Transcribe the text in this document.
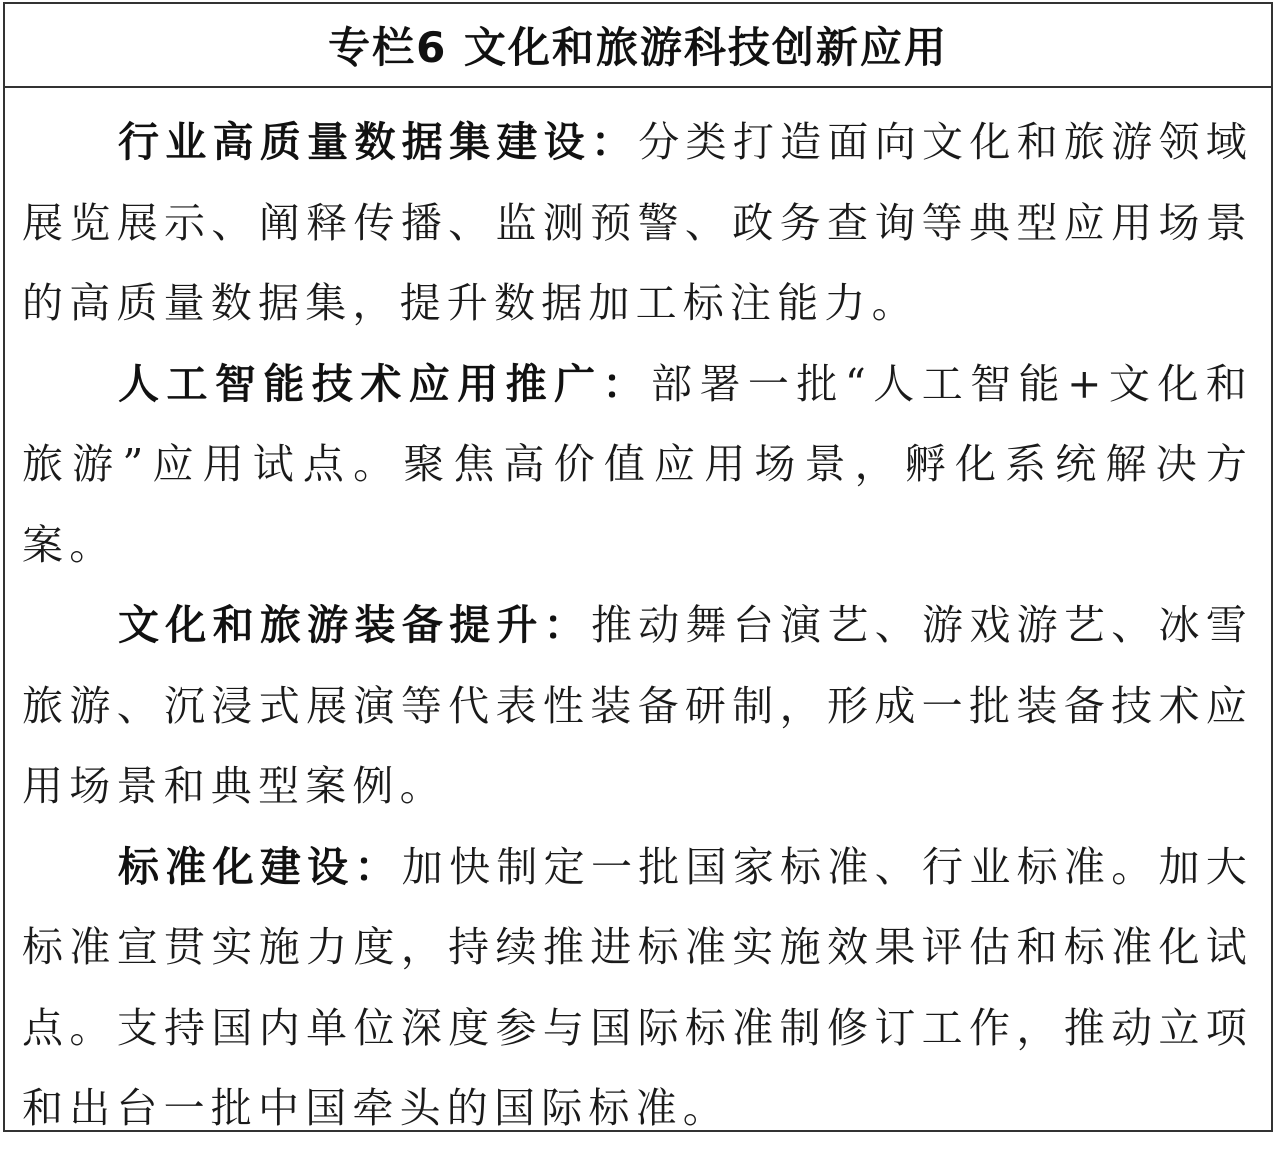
专栏6 文化和旅游科技创新应用

行业高质量数据集建设：分类打造面向文化和旅游领域展览展示、阐释传播、监测预警、政务查询等典型应用场景的高质量数据集，提升数据加工标注能力。

人工智能技术应用推广：部署一批“人工智能+文化和旅游”应用试点。聚焦高价值应用场景，孵化系统解决方案。

文化和旅游装备提升：推动舞台演艺、游戏游艺、冰雪旅游、沉浸式展演等代表性装备研制，形成一批装备技术应用场景和典型案例。

标准化建设：加快制定一批国家标准、行业标准。加大标准宣贯实施力度，持续推进标准实施效果评估和标准化试点。支持国内单位深度参与国际标准制修订工作，推动立项和出台一批中国牵头的国际标准。
